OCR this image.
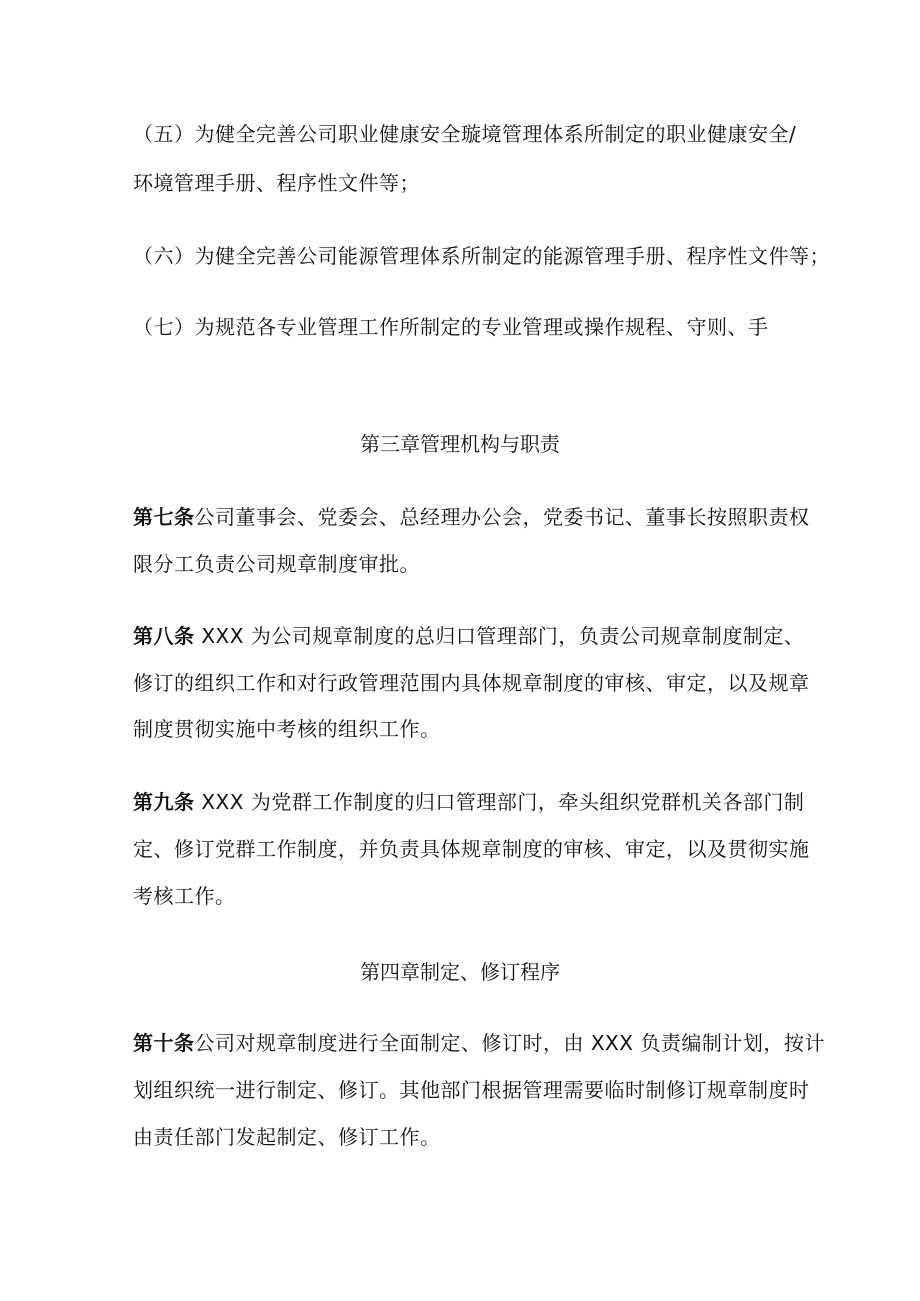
（五）为健全完善公司职业健康安全璇境管理体系所制定的职业健康安全/
环境管理手册、程序性文件等；
（六）为健全完善公司能源管理体系所制定的能源管理手册、程序性文件等；
（七）为规范各专业管理工作所制定的专业管理或操作规程、守则、手
第三章管理机构与职责
第七条公司董事会、党委会、总经理办公会，党委书记、董事长按照职责权
限分工负责公司规章制度审批。
第八条 XXX 为公司规章制度的总归口管理部门，负责公司规章制度制定、
修订的组织工作和对行政管理范围内具体规章制度的审核、审定，以及规章
制度贯彻实施中考核的组织工作。
第九条 XXX 为党群工作制度的归口管理部门，牵头组织党群机关各部门制
定、修订党群工作制度，并负责具体规章制度的审核、审定，以及贯彻实施
考核工作。
第四章制定、修订程序
第十条公司对规章制度进行全面制定、修订时，由 XXX 负责编制计划，按计
划组织统一进行制定、修订。其他部门根据管理需要临时制修订规章制度时
由责任部门发起制定、修订工作。
